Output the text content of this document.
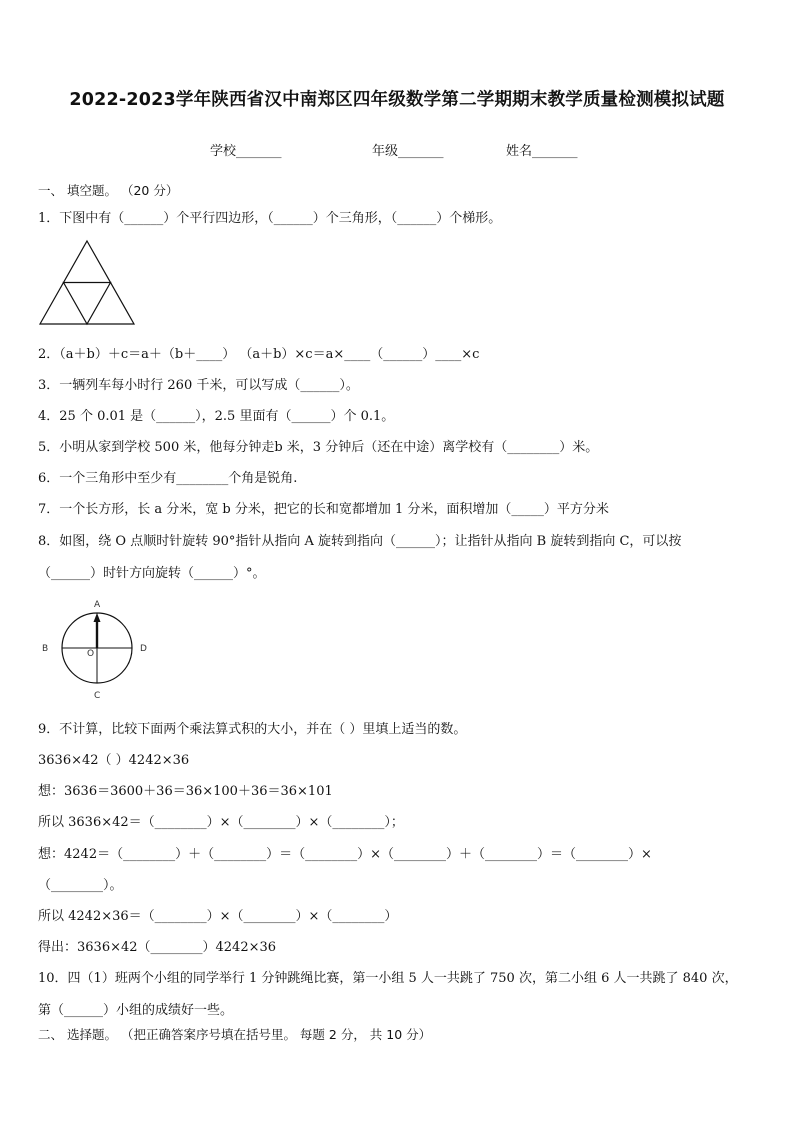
2022-2023学年陕西省汉中南郑区四年级数学第二学期期末教学质量检测模拟试题
学校_______	年级_______	姓名_______
一、 填空题。 （20 分）
1．下图中有（______）个平行四边形，（______）个三角形，（______）个梯形。
2．（a＋b）＋c＝a＋（b＋____） （a＋b）×c＝a×____（______）____×c
3．一辆列车每小时行 260 千米，可以写成（______）。
4．25 个 0.01 是（______），2.5 里面有（______）个 0.1。
5．小明从家到学校 500 米，他每分钟走b 米，3 分钟后（还在中途）离学校有（________）米。
6．一个三角形中至少有________个角是锐角.
7．一个长方形，长 a 分米，宽 b 分米，把它的长和宽都增加 1 分米，面积增加（_____）平方分米
8．如图，绕 O 点顺时针旋转 90°指针从指向 A 旋转到指向（______）；让指针从指向 B 旋转到指向 C，可以按
（______）时针方向旋转（______）°。
A
B
C
D
O
9．不计算，比较下面两个乘法算式积的大小，并在（ ）里填上适当的数。
3636×42（ ）4242×36
想：3636＝3600＋36＝36×100＋36＝36×101
所以 3636×42＝（________）×（________）×（________）；
想：4242＝（________）＋（________）＝（________）×（________）＋（________）＝（________）×
（________）。
所以 4242×36＝（________）×（________）×（________）
得出：3636×42（________）4242×36
10．四（1）班两个小组的同学举行 1 分钟跳绳比赛，第一小组 5 人一共跳了 750 次，第二小组 6 人一共跳了 840 次，
第（______）小组的成绩好一些。
二、 选择题。 （把正确答案序号填在括号里。 每题 2 分， 共 10 分）
